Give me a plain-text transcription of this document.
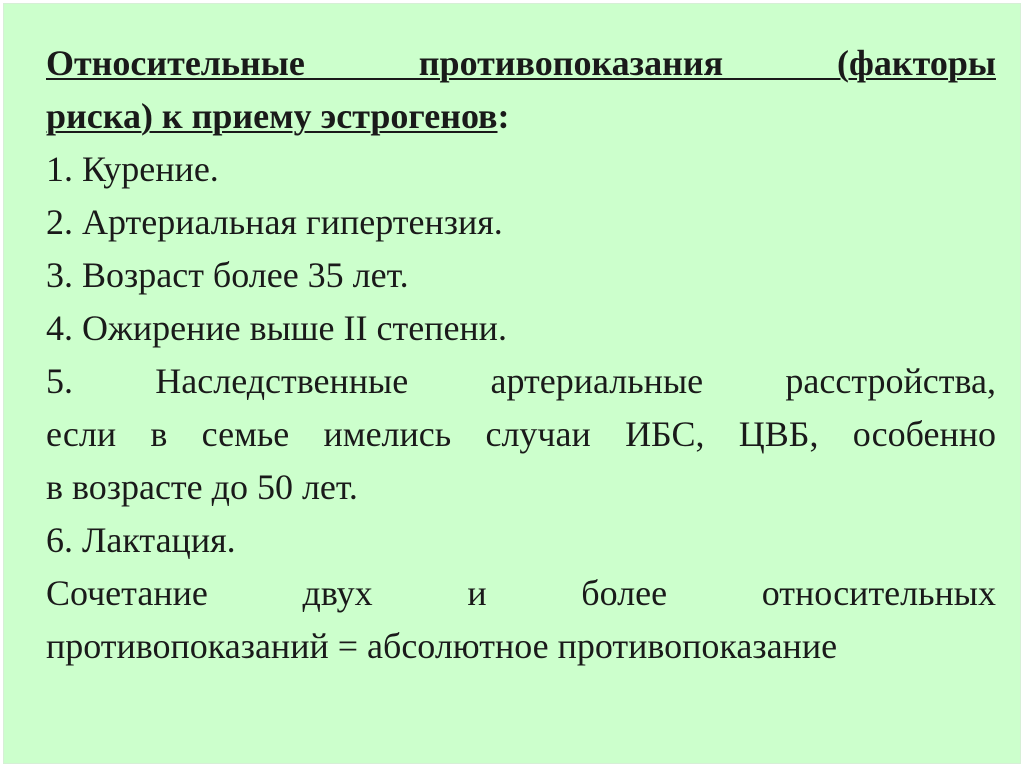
Относительные противопоказания (факторы
риска) к приему эстрогенов:
1. Курение.
2. Артериальная гипертензия.
3. Возраст более 35 лет.
4. Ожирение выше II степени.
5. Наследственные артериальные расстройства,
если в семье имелись случаи ИБС, ЦВБ, особенно
в возрасте до 50 лет.
6. Лактация.
Сочетание двух и более относительных
противопоказаний = абсолютное противопоказание
